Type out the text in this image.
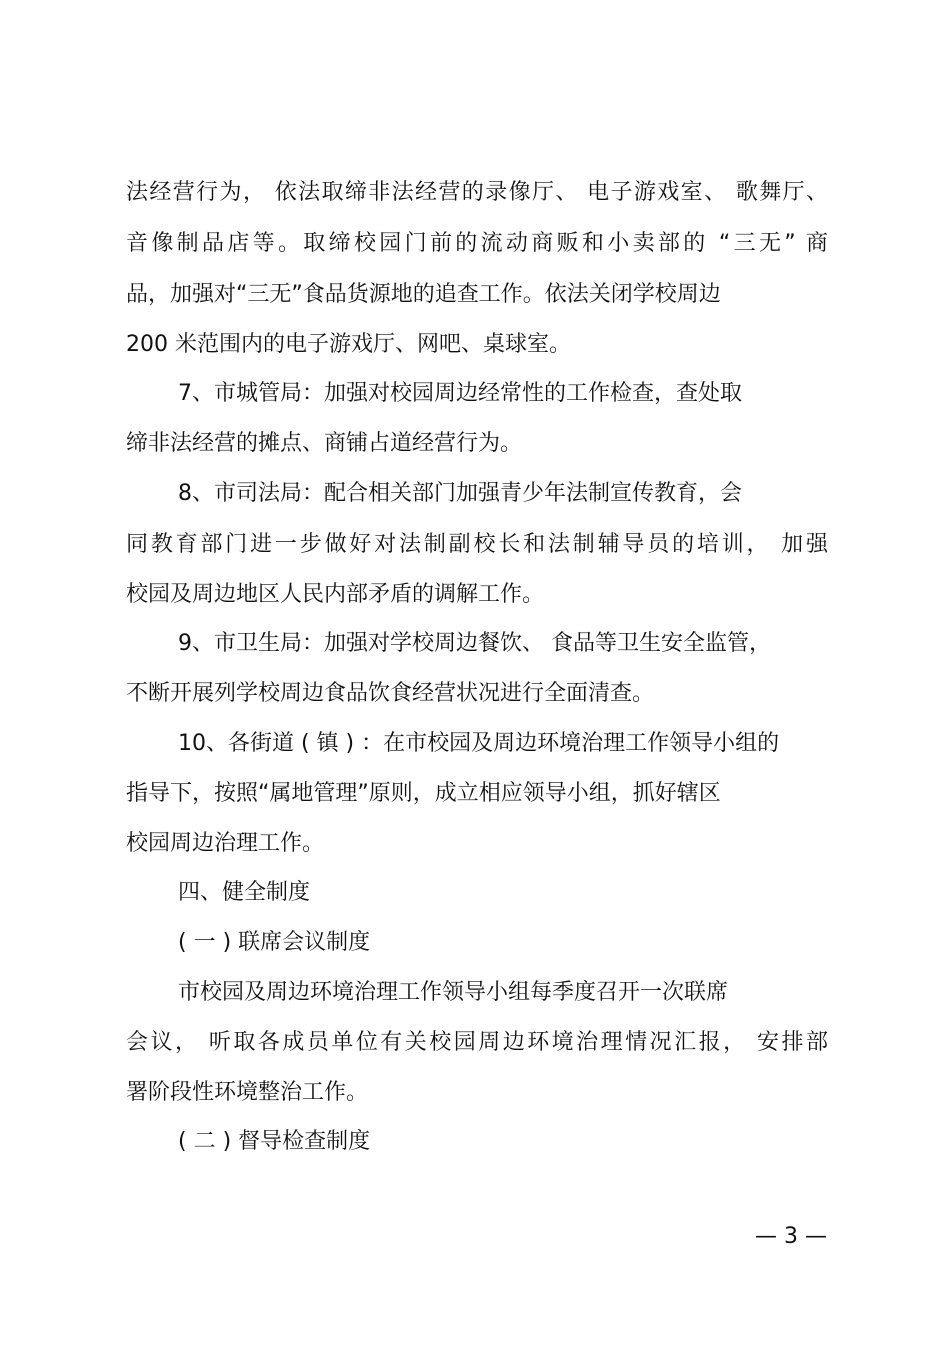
法经营行为， 依法取缔非法经营的录像厅、 电子游戏室、 歌舞厅、
音像制品店等。取缔校园门前的流动商贩和小卖部的 “三无” 商
品，加强对“三无”食品货源地的追查工作。依法关闭学校周边
200 米范围内的电子游戏厅、网吧、桌球室。
7、市城管局：加强对校园周边经常性的工作检查，查处取
缔非法经营的摊点、商铺占道经营行为。
8、市司法局：配合相关部门加强青少年法制宣传教育，会
同教育部门进一步做好对法制副校长和法制辅导员的培训， 加强
校园及周边地区人民内部矛盾的调解工作。
9、市卫生局：加强对学校周边餐饮、 食品等卫生安全监管，
不断开展列学校周边食品饮食经营状况进行全面清查。
10、各街道 ( 镇 ) ：在市校园及周边环境治理工作领导小组的
指导下，按照“属地管理”原则，成立相应领导小组，抓好辖区
校园周边治理工作。
四、健全制度
( 一 ) 联席会议制度
市校园及周边环境治理工作领导小组每季度召开一次联席
会议， 听取各成员单位有关校园周边环境治理情况汇报， 安排部
署阶段性环境整治工作。
( 二 ) 督导检查制度
— 3 —
